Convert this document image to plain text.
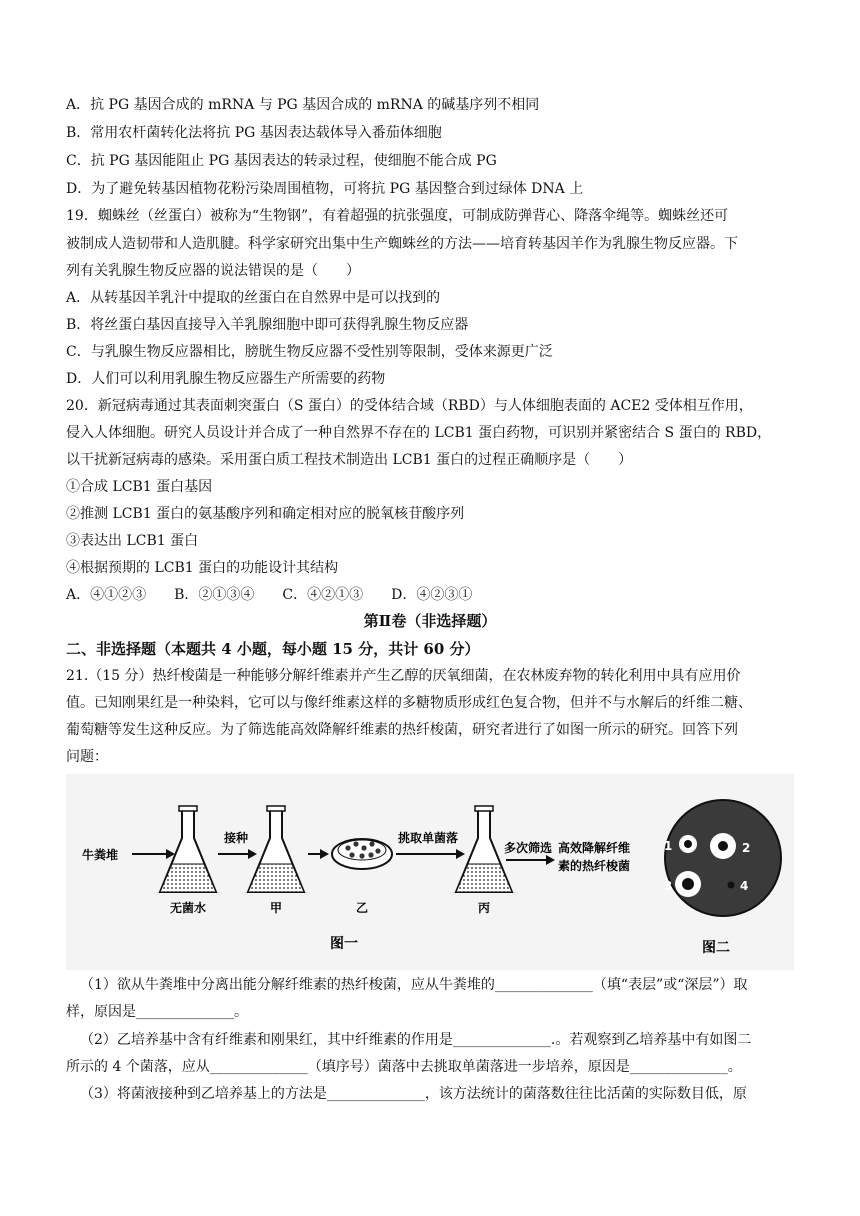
A．抗 PG 基因合成的 mRNA 与 PG 基因合成的 mRNA 的碱基序列不相同
B．常用农杆菌转化法将抗 PG 基因表达载体导入番茄体细胞
C．抗 PG 基因能阻止 PG 基因表达的转录过程，使细胞不能合成 PG
D．为了避免转基因植物花粉污染周围植物，可将抗 PG 基因整合到过绿体 DNA 上
19．蜘蛛丝（丝蛋白）被称为“生物钢”，有着超强的抗张强度，可制成防弹背心、降落伞绳等。蜘蛛丝还可
被制成人造韧带和人造肌腱。科学家研究出集中生产蜘蛛丝的方法——培育转基因羊作为乳腺生物反应器。下
列有关乳腺生物反应器的说法错误的是（　　）
A．从转基因羊乳汁中提取的丝蛋白在自然界中是可以找到的
B．将丝蛋白基因直接导入羊乳腺细胞中即可获得乳腺生物反应器
C．与乳腺生物反应器相比，膀胱生物反应器不受性别等限制，受体来源更广泛
D．人们可以利用乳腺生物反应器生产所需要的药物
20．新冠病毒通过其表面刺突蛋白（S 蛋白）的受体结合域（RBD）与人体细胞表面的 ACE2 受体相互作用，
侵入人体细胞。研究人员设计并合成了一种自然界不存在的 LCB1 蛋白药物，可识别并紧密结合 S 蛋白的 RBD，
以干扰新冠病毒的感染。采用蛋白质工程技术制造出 LCB1 蛋白的过程正确顺序是（　　）
①合成 LCB1 蛋白基因
②推测 LCB1 蛋白的氨基酸序列和确定相对应的脱氧核苷酸序列
③表达出 LCB1 蛋白
④根据预期的 LCB1 蛋白的功能设计其结构
A．④①②③　　B．②①③④　　C．④②①③　　D．④②③①
第Ⅱ卷（非选择题）
二、非选择题（本题共 4 小题，每小题 15 分，共计 60 分）
21.（15 分）热纤梭菌是一种能够分解纤维素并产生乙醇的厌氧细菌，在农林废弃物的转化利用中具有应用价
值。已知刚果红是一种染料，它可以与像纤维素这样的多糖物质形成红色复合物，但并不与水解后的纤维二糖、
葡萄糖等发生这种反应。为了筛选能高效降解纤维素的热纤梭菌，研究者进行了如图一所示的研究。回答下列
问题：
牛粪堆
无菌水
接种
甲	乙
挑取单菌落
丙
多次筛选 高效降解纤维
素的热纤梭菌
图一
1	2
3	4
图二
（1）欲从牛粪堆中分离出能分解纤维素的热纤梭菌，应从牛粪堆的______________（填“表层”或“深层”）取
样，原因是______________。
（2）乙培养基中含有纤维素和刚果红，其中纤维素的作用是______________.。若观察到乙培养基中有如图二
所示的 4 个菌落，应从______________（填序号）菌落中去挑取单菌落进一步培养，原因是______________。
（3）将菌液接种到乙培养基上的方法是______________，该方法统计的菌落数往往比活菌的实际数目低，原
